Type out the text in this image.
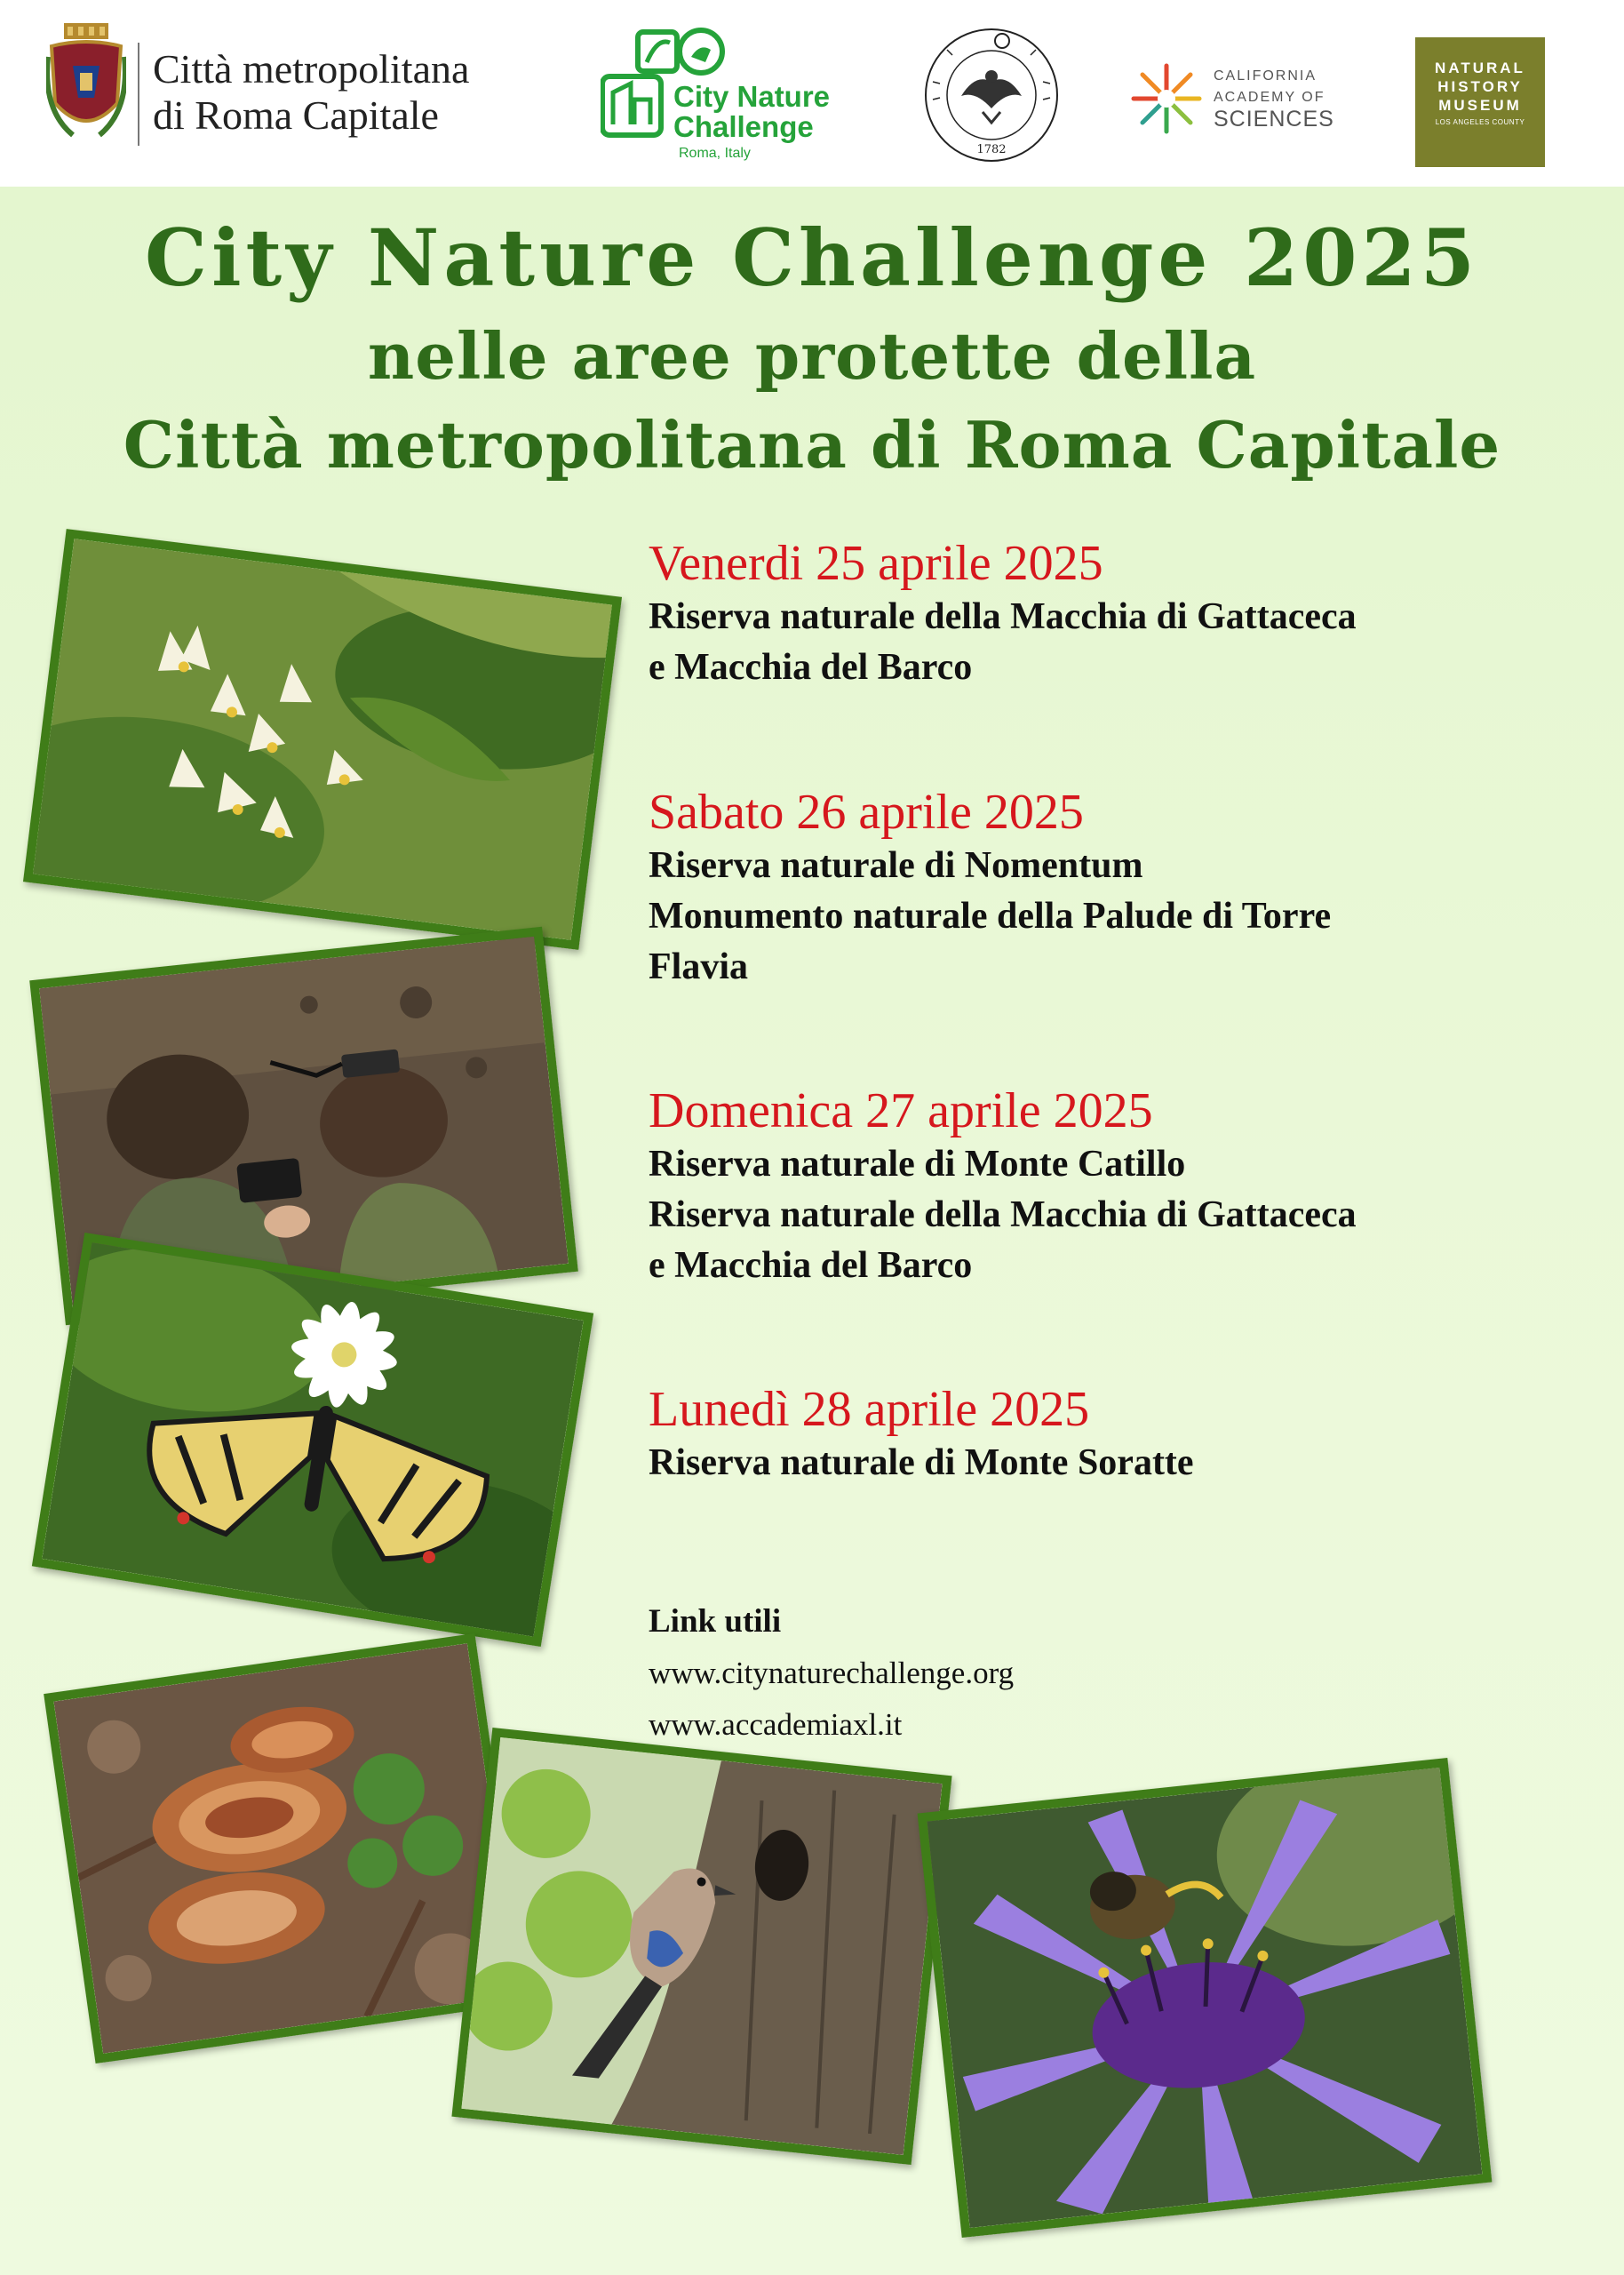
Città metropolitana
di Roma Capitale	City Nature
Challenge
Roma, Italy	1782
CALIFORNIA
ACADEMY OF
SCIENCES
NATURAL
HISTORY
MUSEUM
LOS ANGELES COUNTY
City Nature Challenge 2025
nelle aree protette della
Città metropolitana di Roma Capitale
Venerdi 25 aprile 2025
Riserva naturale della Macchia di Gattaceca
e Macchia del Barco
Sabato 26 aprile 2025
Riserva naturale di Nomentum
Monumento naturale della Palude di Torre
Flavia
Domenica 27 aprile 2025
Riserva naturale di Monte Catillo
Riserva naturale della Macchia di Gattaceca
e Macchia del Barco
Lunedì 28 aprile 2025
Riserva naturale di Monte Soratte
Link utili
www.citynaturechallenge.org
www.accademiaxl.it
